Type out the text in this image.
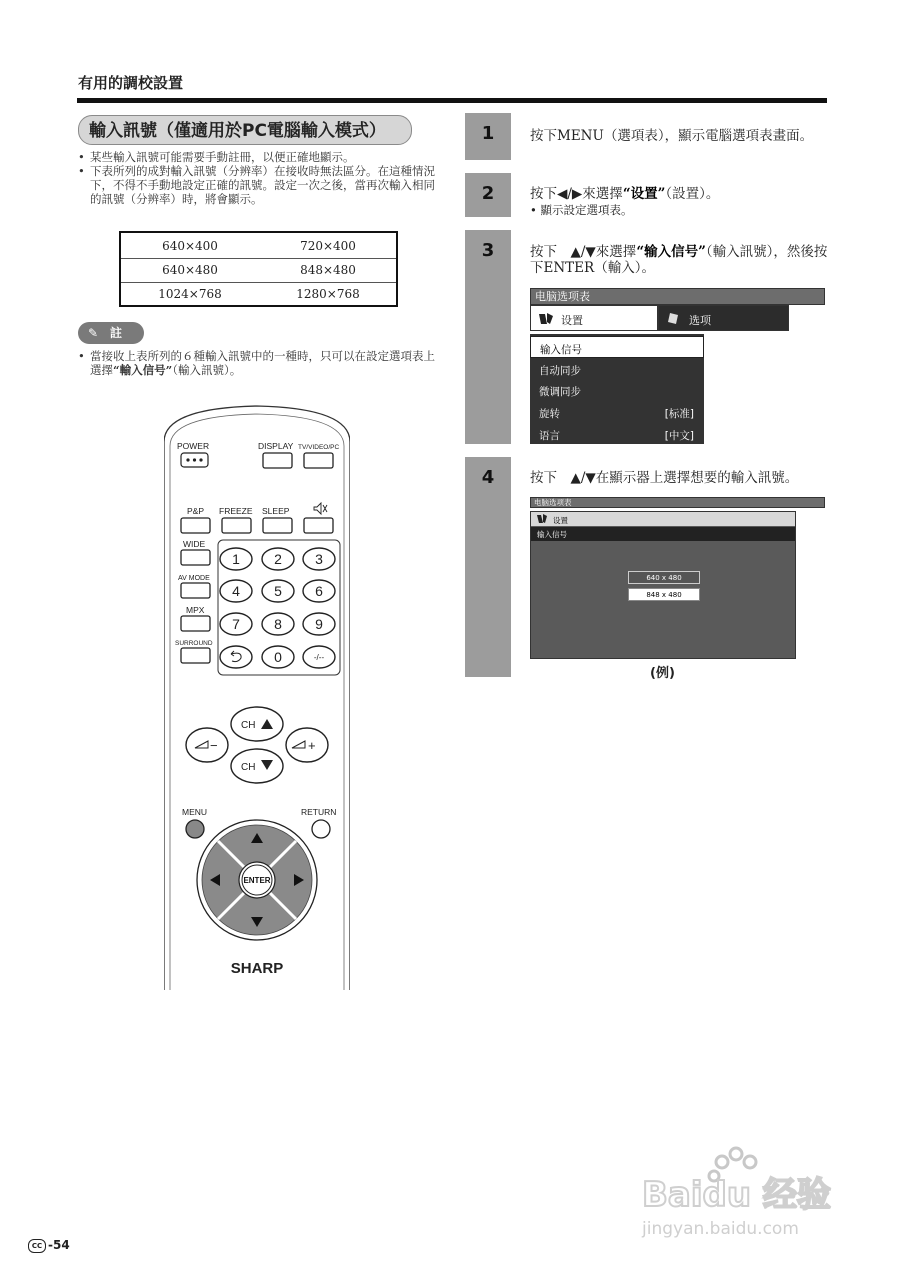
有用的調校設置
輸入訊號（僅適用於PC電腦輸入模式）
• 某些輸入訊號可能需要手動註冊，以便正確地顯示。
• 下表所列的成對輸入訊號（分辨率）在接收時無法區分。在這種情況下，不得不手動地設定正確的訊號。設定一次之後，當再次輸入相同的訊號（分辨率）時，將會顯示。
640×400	720×400
640×480	848×480
1024×768	1280×768
✎ 註
• 當接收上表所列的６種輸入訊號中的一種時，只可以在設定選項表上選擇“輸入信号”（輸入訊號）。
POWER	DISPLAY TV/VIDEO/PC
P&P FREEZE SLEEP
WIDE
AV MODE
MPX
SURROUND
1 2 3
4 5 6
7 8 9
0	-/--
CH
CH
−	+
MENU	RETURN
ENTER
SHARP
1
2
3
4
按下MENU（選項表），顯示電腦選項表畫面。
按下◀/▶來選擇“设置”（設置）。
• 顯示設定選項表。
按下　▲/▼來選擇“输入信号”（輸入訊號），然後按下ENTER（輸入）。
按下　▲/▼在顯示器上選擇想要的輸入訊號。
电脑选项表
设置	选项
输入信号
自动同步
微调同步
旋转	[标准]
语言	[中文]
电脑选项表
设置
输入信号
640 x 480
848 x 480
(例)
CC -54
Baidu 经验
jingyan.baidu.com
